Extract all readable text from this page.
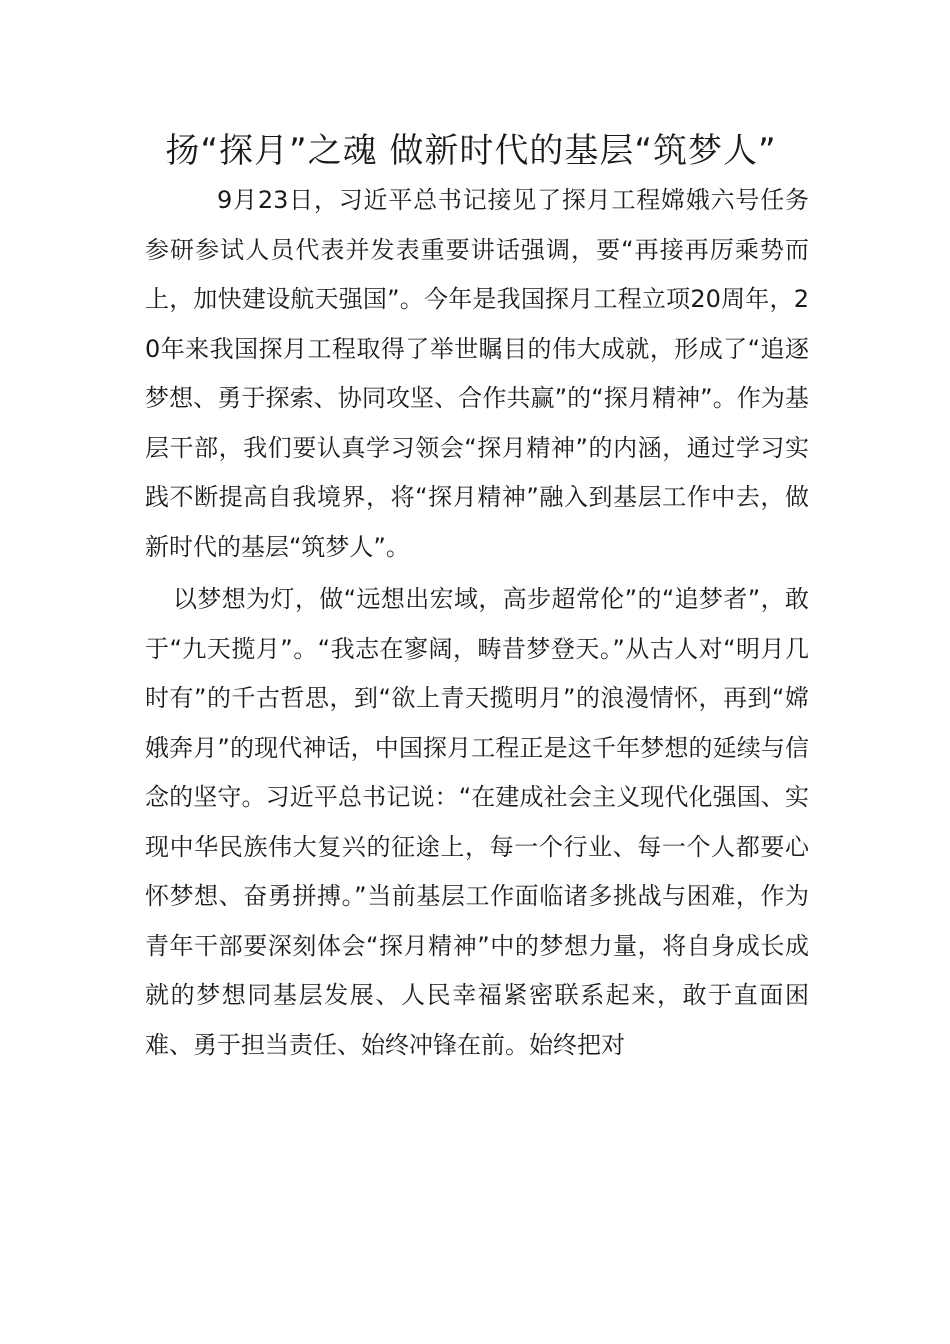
扬“探月”之魂 做新时代的基层“筑梦人”

9月23日，习近平总书记接见了探月工程嫦娥六号任务参研参试人员代表并发表重要讲话强调，要“再接再厉乘势而上，加快建设航天强国”。今年是我国探月工程立项20周年，20年来我国探月工程取得了举世瞩目的伟大成就，形成了“追逐梦想、勇于探索、协同攻坚、合作共赢”的“探月精神”。作为基层干部，我们要认真学习领会“探月精神”的内涵，通过学习实践不断提高自我境界，将“探月精神”融入到基层工作中去，做新时代的基层“筑梦人”。

以梦想为灯，做“远想出宏域，高步超常伦”的“追梦者”，敢于“九天揽月”。“我志在寥阔，畴昔梦登天。”从古人对“明月几时有”的千古哲思，到“欲上青天揽明月”的浪漫情怀，再到“嫦娥奔月”的现代神话，中国探月工程正是这千年梦想的延续与信念的坚守。习近平总书记说：“在建成社会主义现代化强国、实现中华民族伟大复兴的征途上，每一个行业、每一个人都要心怀梦想、奋勇拼搏。”当前基层工作面临诸多挑战与困难，作为青年干部要深刻体会“探月精神”中的梦想力量，将自身成长成就的梦想同基层发展、人民幸福紧密联系起来，敢于直面困难、勇于担当责任、始终冲锋在前。始终把对
